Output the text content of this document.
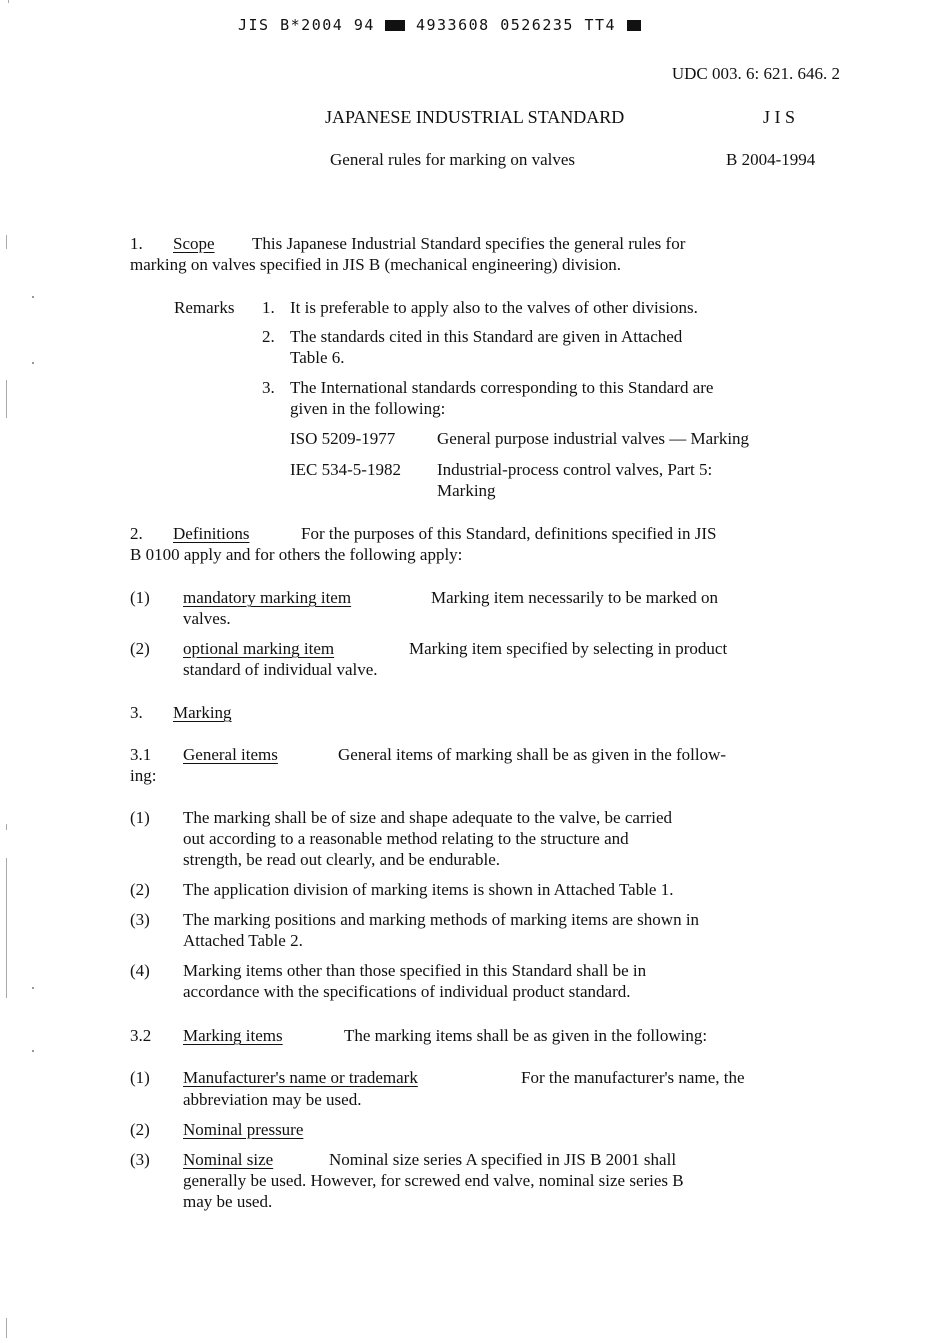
JIS B*2004 94	4933608 0526235 TT4
UDC 003. 6: 621. 646. 2
JAPANESE INDUSTRIAL STANDARD	J I S
General rules for marking on valves	B 2004-1994
1. Scope This Japanese Industrial Standard specifies the general rules for
marking on valves specified in JIS B (mechanical engineering) division.
Remarks 1. It is preferable to apply also to the valves of other divisions.
2. The standards cited in this Standard are given in Attached
Table 6.
3. The International standards corresponding to this Standard are
given in the following:
ISO 5209-1977 General purpose industrial valves — Marking
IEC 534-5-1982 Industrial-process control valves, Part 5:
Marking
2. Definitions	For the purposes of this Standard, definitions specified in JIS
B 0100 apply and for others the following apply:
(1) mandatory marking item	Marking item necessarily to be marked on
valves.
(2) optional marking item	Marking item specified by selecting in product
standard of individual valve.
3. Marking
3.1 General items	General items of marking shall be as given in the follow-
ing:
(1) The marking shall be of size and shape adequate to the valve, be carried
out according to a reasonable method relating to the structure and
strength, be read out clearly, and be endurable.
(2) The application division of marking items is shown in Attached Table 1.
(3) The marking positions and marking methods of marking items are shown in
Attached Table 2.
(4) Marking items other than those specified in this Standard shall be in
accordance with the specifications of individual product standard.
3.2 Marking items	The marking items shall be as given in the following:
(1) Manufacturer's name or trademark	For the manufacturer's name, the
abbreviation may be used.
(2) Nominal pressure
(3) Nominal size	Nominal size series A specified in JIS B 2001 shall
generally be used. However, for screwed end valve, nominal size series B
may be used.
